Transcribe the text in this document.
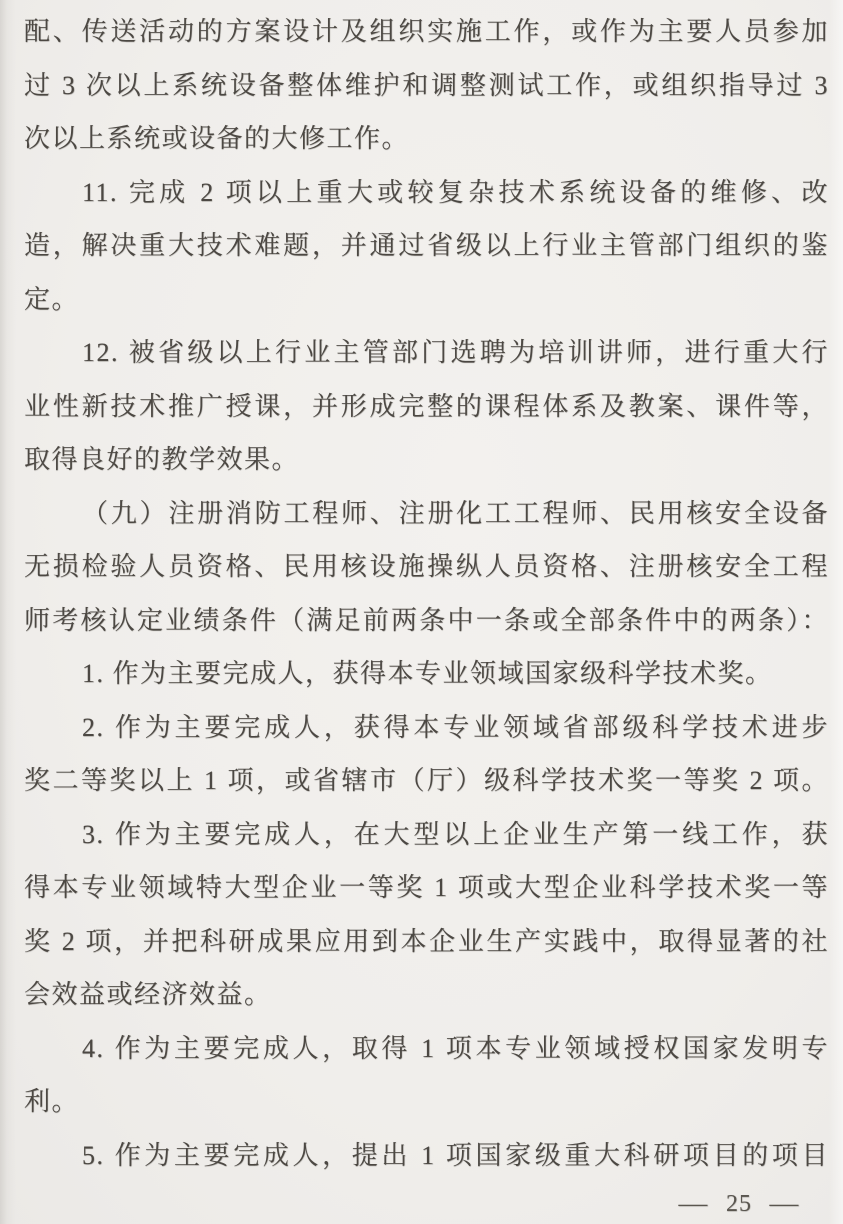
配、传送活动的方案设计及组织实施工作，或作为主要人员参加
过 3 次以上系统设备整体维护和调整测试工作，或组织指导过 3
次以上系统或设备的大修工作。
11. 完成 2 项以上重大或较复杂技术系统设备的维修、改
造，解决重大技术难题，并通过省级以上行业主管部门组织的鉴
定。
12. 被省级以上行业主管部门选聘为培训讲师，进行重大行
业性新技术推广授课，并形成完整的课程体系及教案、课件等，
取得良好的教学效果。
（九）注册消防工程师、注册化工工程师、民用核安全设备
无损检验人员资格、民用核设施操纵人员资格、注册核安全工程
师考核认定业绩条件（满足前两条中一条或全部条件中的两条）：
1. 作为主要完成人，获得本专业领域国家级科学技术奖。
2. 作为主要完成人，获得本专业领域省部级科学技术进步
奖二等奖以上 1 项，或省辖市（厅）级科学技术奖一等奖 2 项。
3. 作为主要完成人，在大型以上企业生产第一线工作，获
得本专业领域特大型企业一等奖 1 项或大型企业科学技术奖一等
奖 2 项，并把科研成果应用到本企业生产实践中，取得显著的社
会效益或经济效益。
4. 作为主要完成人，取得 1 项本专业领域授权国家发明专
利。
5. 作为主要完成人，提出 1 项国家级重大科研项目的项目
— 25 —
